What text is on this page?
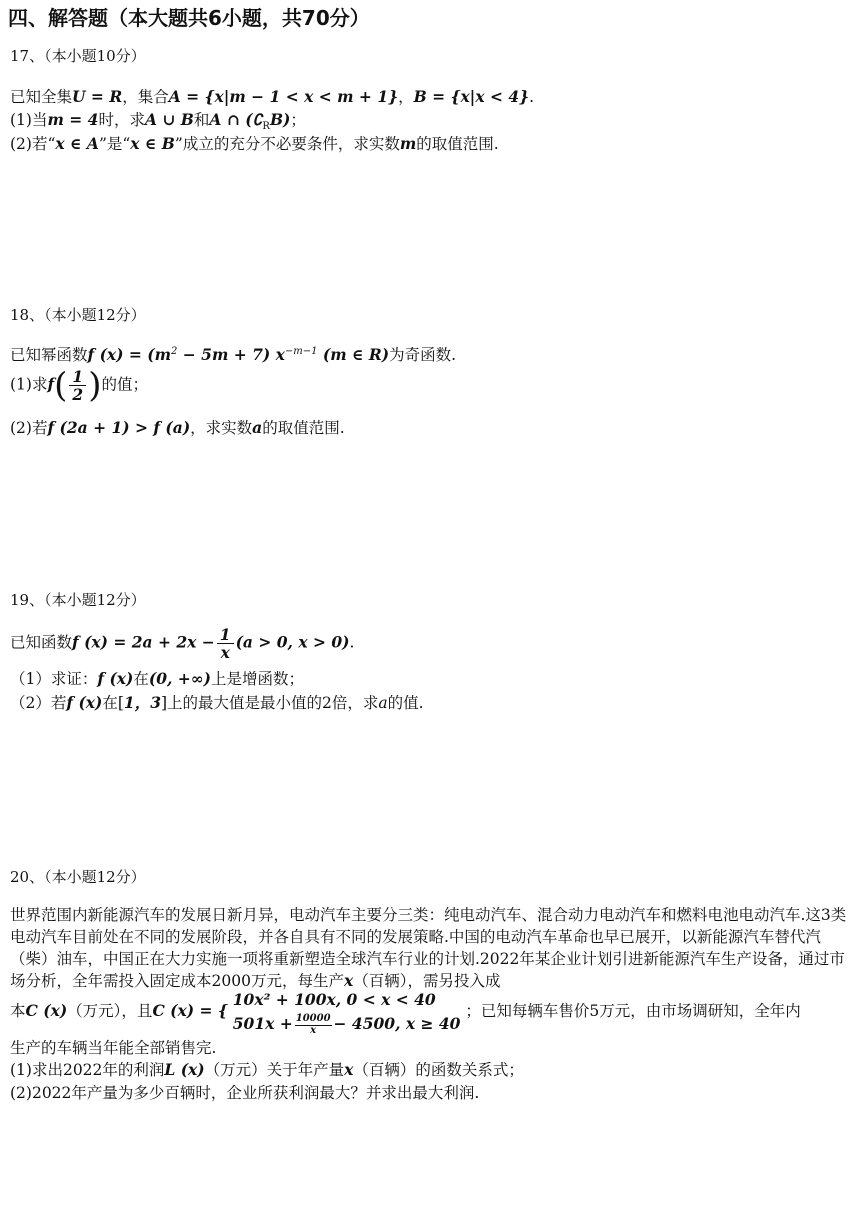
四、解答题（本大题共6小题，共70分）
17、（本小题10分）
已知全集U = R，集合A = {x|m − 1 < x < m + 1}，B = {x|x < 4}.
(1)当m = 4时，求A ∪ B和A ∩ $(∁_RB)$；
(2)若“x ∈ A”是“x ∈ B”成立的充分不必要条件，求实数m的取值范围.
18、（本小题12分）
已知幂函数f $(x) = (m^2 - 5m + 7)$ $x^{-m-1}$ (m ∈ R)为奇函数.
(1)求$f( \frac{1}{2}$ )的值；
(2)若f (2a + 1) > f (a)，求实数a的取值范围.
19、（本小题12分）
已知函数f $(x) = 2a + 2x - \frac{1}{x} (a > 0$, x > 0).
（1）求证：f (x)在(0, +∞)上是增函数；
（2）若f (x)在[1，3]上的最大值是最小值的2倍，求a的值.
20、（本小题12分）
世界范围内新能源汽车的发展日新月异，电动汽车主要分三类：纯电动汽车、混合动力电动汽车和燃料电池电动汽车.这3类电动汽车目前处在不同的发展阶段，并各自具有不同的发展策略.中国的电动汽车革命也早已展开，以新能源汽车替代汽（柴）油车，中国正在大力实施一项将重新塑造全球汽车行业的计划.2022年某企业计划引进新能源汽车生产设备，通过市场分析，全年需投入固定成本2000万元，每生产x（百辆），需另投入成
本C (x)（万元），且C (x) = {
10x² + 100x, 0 < x < 40
$501x + \frac{10000}{x} - 4500$, x ≥ 40
；已知每辆车售价5万元，由市场调研知，全年内
生产的车辆当年能全部销售完.
(1)求出2022年的利润L (x)（万元）关于年产量x（百辆）的函数关系式；
(2)2022年产量为多少百辆时，企业所获利润最大？并求出最大利润.
